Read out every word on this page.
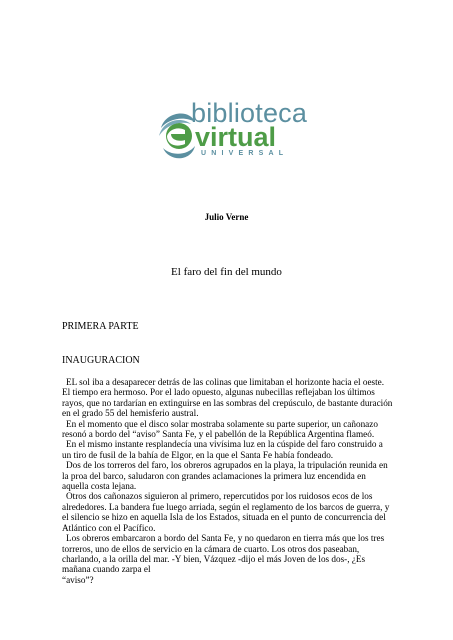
biblioteca
virtual
UNIVERSAL
Julio Verne
El faro del fin del mundo
PRIMERA PARTE
INAUGURACION

EL sol iba a desaparecer detrás de las colinas que limitaban el horizonte hacia el oeste. El tiempo era hermoso. Por el lado opuesto, algunas nubecillas reflejaban los últimos rayos, que no tardarían en extinguirse en las sombras del crepúsculo, de bastante duración en el grado 55 del hemisferio austral.

En el momento que el disco solar mostraba solamente su parte superior, un cañonazo resonó a bordo del “aviso” Santa Fe, y el pabellón de la República Argentina flameó.

En el mismo instante resplandecía una vivísima luz en la cúspide del faro construido a un tiro de fusil de la bahía de Elgor, en la que el Santa Fe había fondeado.

Dos de los torreros del faro, los obreros agrupados en la playa, la tripulación reunida en la proa del barco, saludaron con grandes aclamaciones la primera luz encendida en aquella costa lejana.

Otros dos cañonazos siguieron al primero, repercutidos por los ruidosos ecos de los alrededores. La bandera fue luego arriada, según el reglamento de los barcos de guerra, y el silencio se hizo en aquella Isla de los Estados, situada en el punto de concurrencia del Atlántico con el Pacífico.

Los obreros embarcaron a bordo del Santa Fe, y no quedaron en tierra más que los tres torreros, uno de ellos de servicio en la cámara de cuarto. Los otros dos paseaban, charlando, a la orilla del mar. -Y bien, Vázquez -dijo el más Joven de los dos-, ¿Es mañana cuando zarpa el

“aviso”?
